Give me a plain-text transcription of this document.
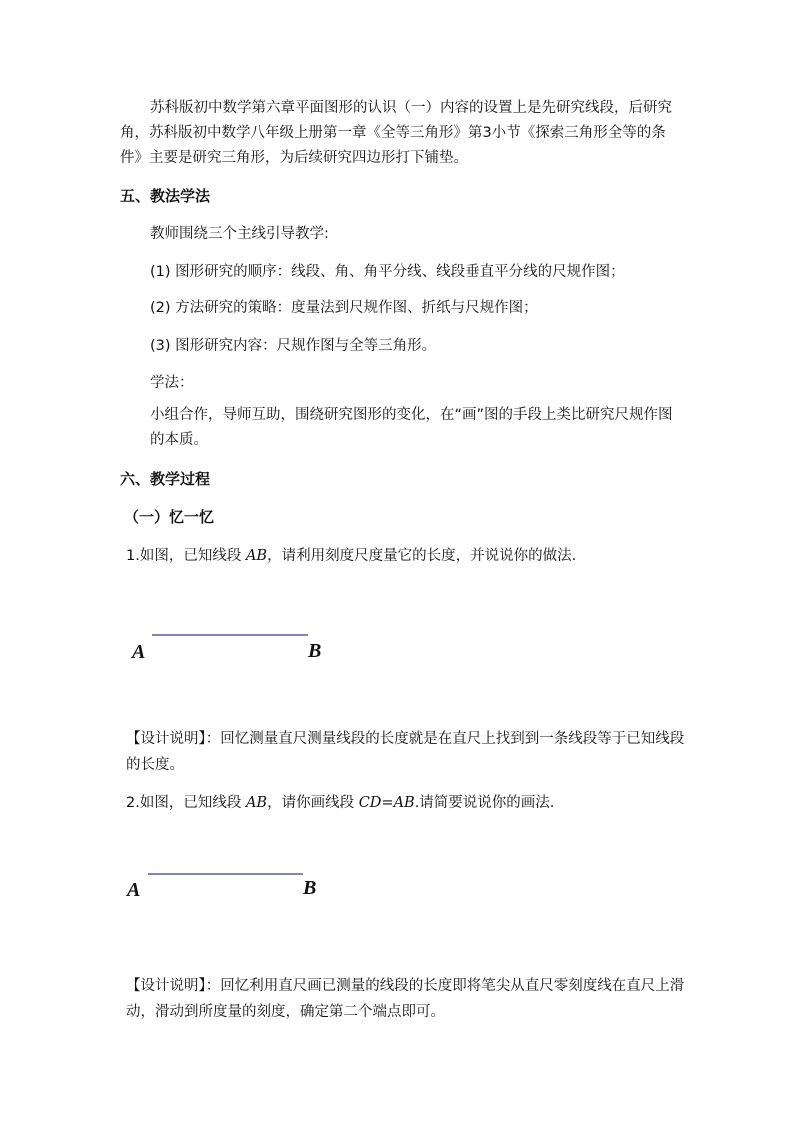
苏科版初中数学第六章平面图形的认识（一）内容的设置上是先研究线段，后研究角，苏科版初中数学八年级上册第一章《全等三角形》第3小节《探索三角形全等的条件》主要是研究三角形，为后续研究四边形打下铺垫。

五、教法学法

教师围绕三个主线引导教学:

(1) 图形研究的顺序：线段、角、角平分线、线段垂直平分线的尺规作图；

(2) 方法研究的策略：度量法到尺规作图、折纸与尺规作图；

(3) 图形研究内容：尺规作图与全等三角形。

学法：

小组合作，导师互助，围绕研究图形的变化，在“画”图的手段上类比研究尺规作图的本质。

六、教学过程

（一）忆一忆

1.如图，已知线段 AB，请利用刻度尺度量它的长度，并说说你的做法.

A	B

【设计说明】：回忆测量直尺测量线段的长度就是在直尺上找到到一条线段等于已知线段的长度。

2.如图，已知线段 AB，请你画线段 CD=AB.请简要说说你的画法.

A	B

【设计说明】：回忆利用直尺画已测量的线段的长度即将笔尖从直尺零刻度线在直尺上滑动，滑动到所度量的刻度，确定第二个端点即可。
